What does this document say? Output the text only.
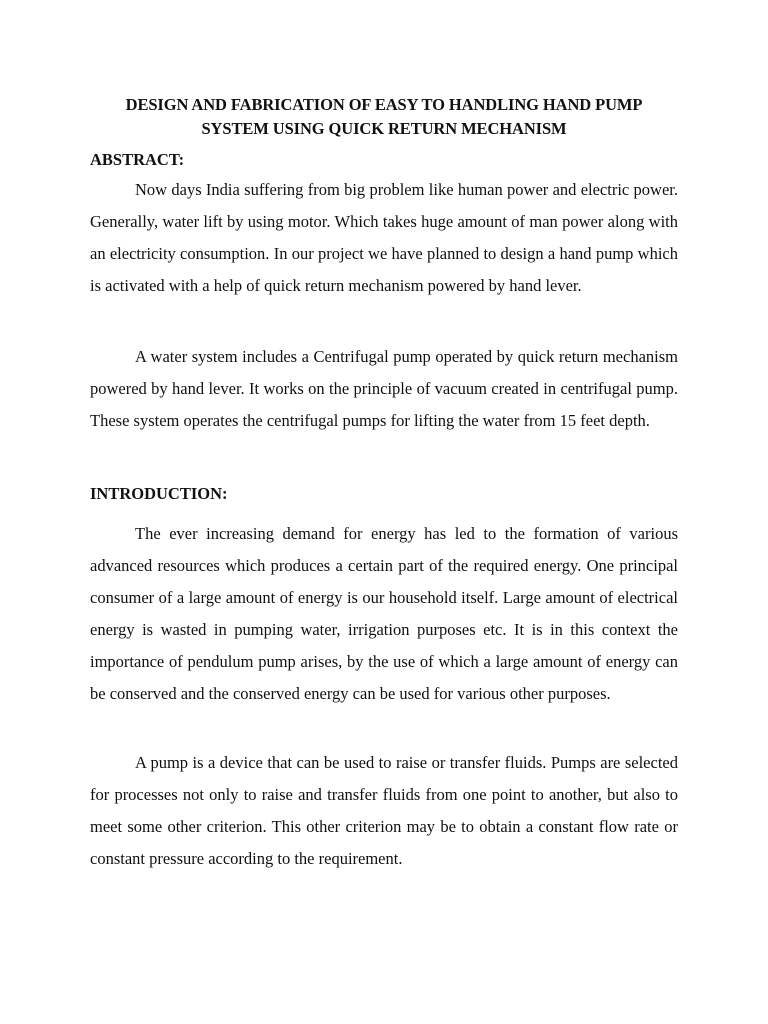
DESIGN AND FABRICATION OF EASY TO HANDLING HAND PUMP
SYSTEM USING QUICK RETURN MECHANISM
ABSTRACT:

Now days India suffering from big problem like human power and electric power. Generally, water lift by using motor. Which takes huge amount of man power along with an electricity consumption. In our project we have planned to design a hand pump which is activated with a help of quick return mechanism powered by hand lever.

A water system includes a Centrifugal pump operated by quick return mechanism powered by hand lever. It works on the principle of vacuum created in centrifugal pump. These system operates the centrifugal pumps for lifting the water from 15 feet depth.

INTRODUCTION:

The ever increasing demand for energy has led to the formation of various advanced resources which produces a certain part of the required energy. One principal consumer of a large amount of energy is our household itself. Large amount of electrical energy is wasted in pumping water, irrigation purposes etc. It is in this context the importance of pendulum pump arises, by the use of which a large amount of energy can be conserved and the conserved energy can be used for various other purposes.

A pump is a device that can be used to raise or transfer fluids. Pumps are selected for processes not only to raise and transfer fluids from one point to another, but also to meet some other criterion. This other criterion may be to obtain a constant flow rate or constant pressure according to the requirement.
